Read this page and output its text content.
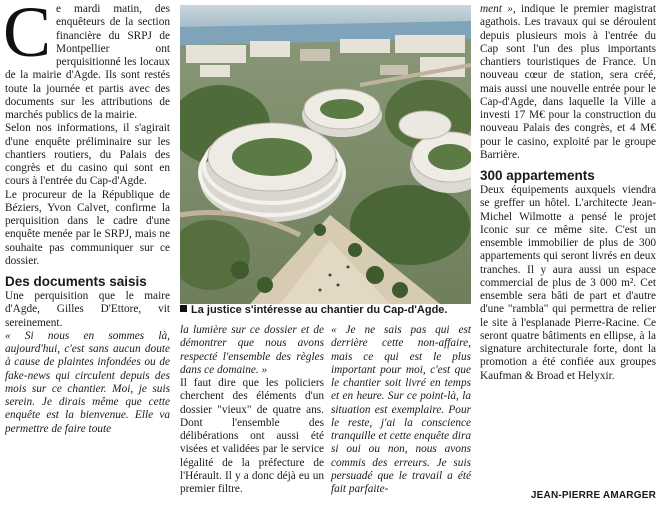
Ce mardi matin, des enquêteurs de la section financière du SRPJ de Montpellier ont perquisitionné les locaux de la mairie d'Agde. Ils sont restés toute la journée et partis avec des documents sur les attributions de marchés publics de la mairie.

Selon nos informations, il s'agirait d'une enquête préliminaire sur les chantiers routiers, du Palais des congrès et du casino qui sont en cours à l'entrée du Cap-d'Agde.

Le procureur de la République de Béziers, Yvon Calvet, confirme la perquisition dans le cadre d'une enquête menée par le SRPJ, mais ne souhaite pas communiquer sur ce dossier.

Des documents saisis

Une perquisition que le maire d'Agde, Gilles D'Ettore, vit sereinement.

« Si nous en sommes là, aujourd'hui, c'est sans aucun doute à cause de plaintes infondées ou de fake-news qui circulent depuis des mois sur ce chantier. Moi, je suis serein. Je dirais même que cette enquête est la bienvenue. Elle va permettre de faire toute

La justice s'intéresse au chantier du Cap-d'Agde.

la lumière sur ce dossier et de démontrer que nous avons respecté l'ensemble des règles dans ce domaine. »

Il faut dire que les policiers cherchent des éléments d'un dossier "vieux" de quatre ans. Dont l'ensemble des délibérations ont aussi été visées et validées par le service légalité de la préfecture de l'Hérault. Il y a donc déjà eu un premier filtre.

« Je ne sais pas qui est derrière cette non-affaire, mais ce qui est le plus important pour moi, c'est que le chantier soit livré en temps et en heure. Sur ce point-là, la situation est exemplaire. Pour le reste, j'ai la conscience tranquille et cette enquête dira si oui ou non, nous avons commis des erreurs. Je suis persuadé que le travail a été fait parfaite-

ment », indique le premier magistrat agathois. Les travaux qui se déroulent depuis plusieurs mois à l'entrée du Cap sont l'un des plus importants chantiers touristiques de France. Un nouveau cœur de station, sera créé, mais aussi une nouvelle entrée pour le Cap-d'Agde, dans laquelle la Ville a investi 17 M€ pour la construction du nouveau Palais des congrès, et 4 M€ pour le casino, exploité par le groupe Barrière.

300 appartements

Deux équipements auxquels viendra se greffer un hôtel. L'architecte Jean-Michel Wilmotte a pensé le projet Iconic sur ce même site. C'est un ensemble immobilier de plus de 300 appartements qui seront livrés en deux tranches. Il y aura aussi un espace commercial de plus de 3 000 m². Cet ensemble sera bâti de part et d'autre d'une "rambla" qui permettra de relier le site à l'esplanade Pierre-Racine. Ce seront quatre bâtiments en ellipse, à la signature architecturale forte, dont la promotion a été confiée aux groupes Kaufman & Broad et Helyxir.

JEAN-PIERRE AMARGER
